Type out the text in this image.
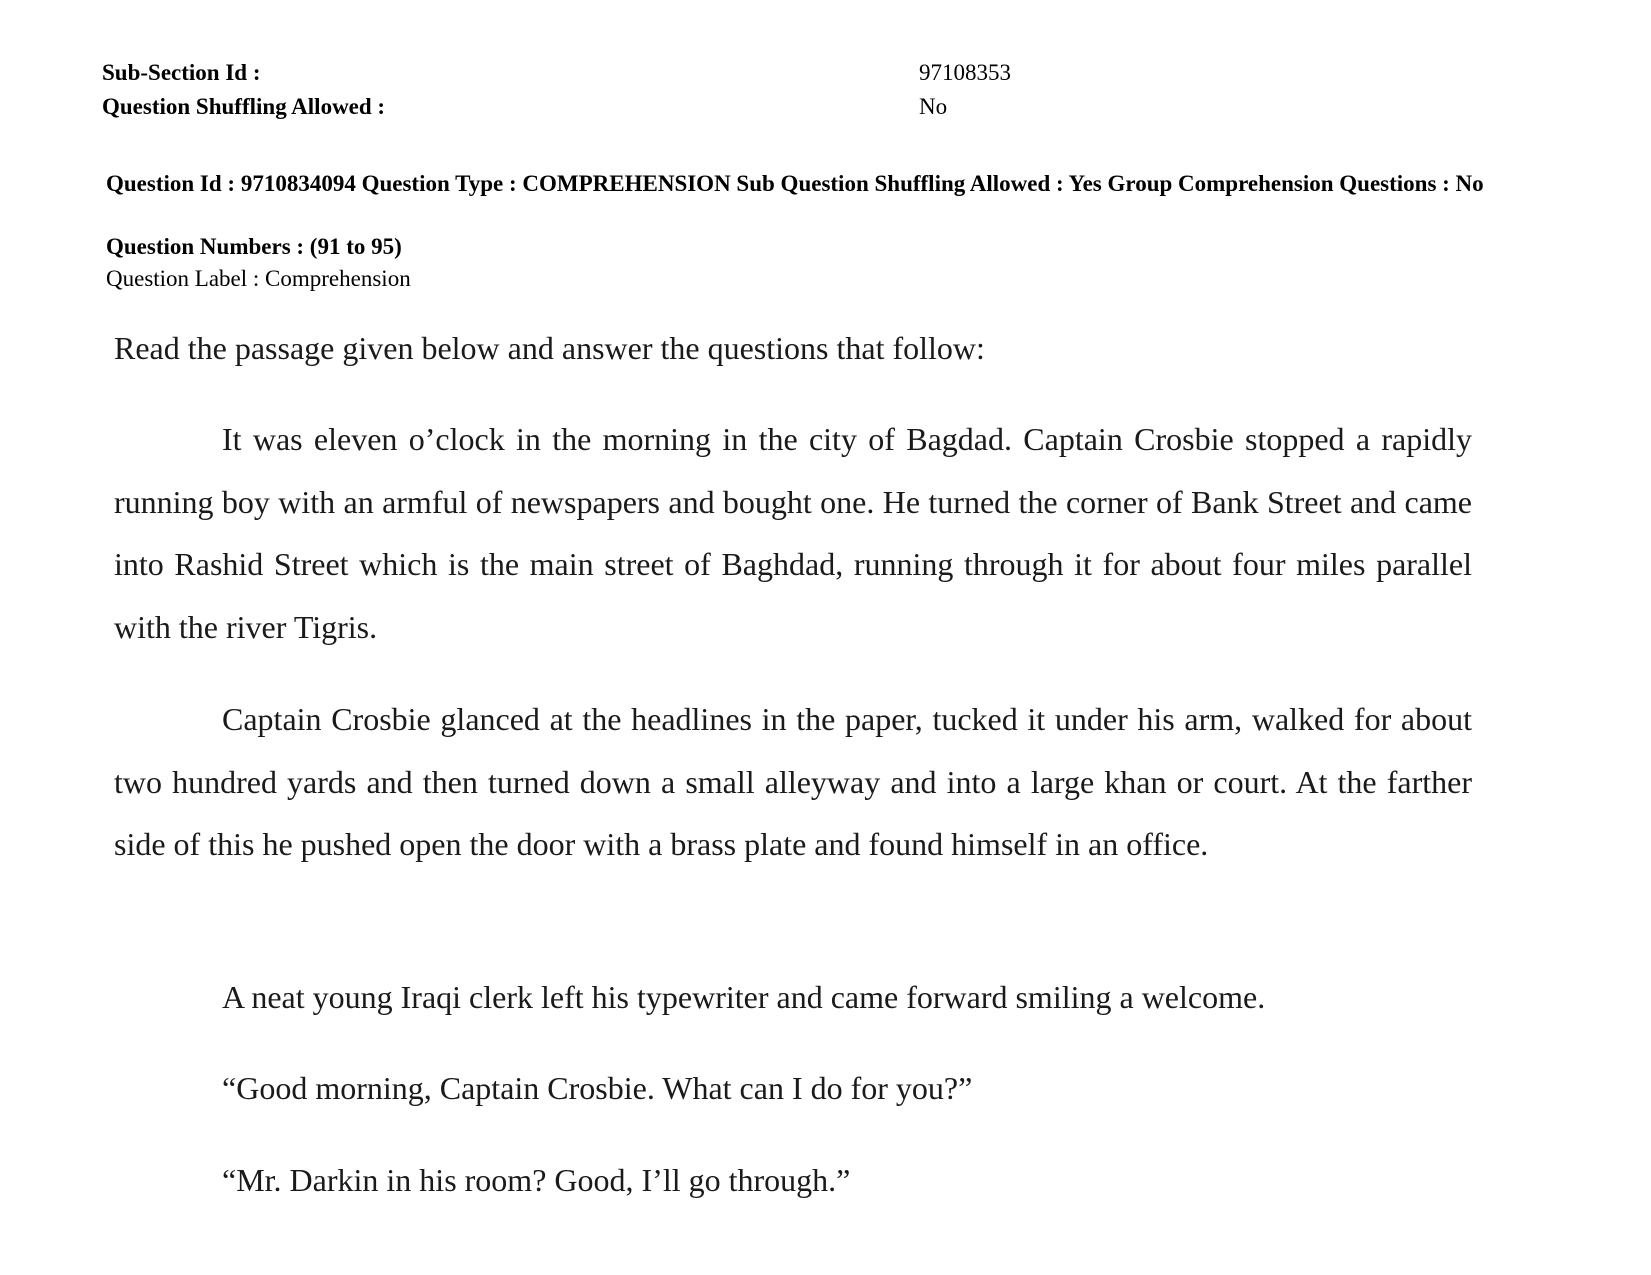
Sub-Section Id :	97108353
Question Shuffling Allowed :	No
Question Id : 9710834094 Question Type : COMPREHENSION Sub Question Shuffling Allowed : Yes Group Comprehension Questions : No
Question Numbers : (91 to 95)
Question Label : Comprehension
Read the passage given below and answer the questions that follow:
It was eleven o’clock in the morning in the city of Bagdad. Captain Crosbie stopped a rapidly running boy with an armful of newspapers and bought one. He turned the corner of Bank Street and came into Rashid Street which is the main street of Baghdad, running through it for about four miles parallel with the river Tigris.
Captain Crosbie glanced at the headlines in the paper, tucked it under his arm, walked for about two hundred yards and then turned down a small alleyway and into a large khan or court. At the farther side of this he pushed open the door with a brass plate and found himself in an office.
A neat young Iraqi clerk left his typewriter and came forward smiling a welcome.
“Good morning, Captain Crosbie. What can I do for you?”
“Mr. Darkin in his room? Good, I’ll go through.”
